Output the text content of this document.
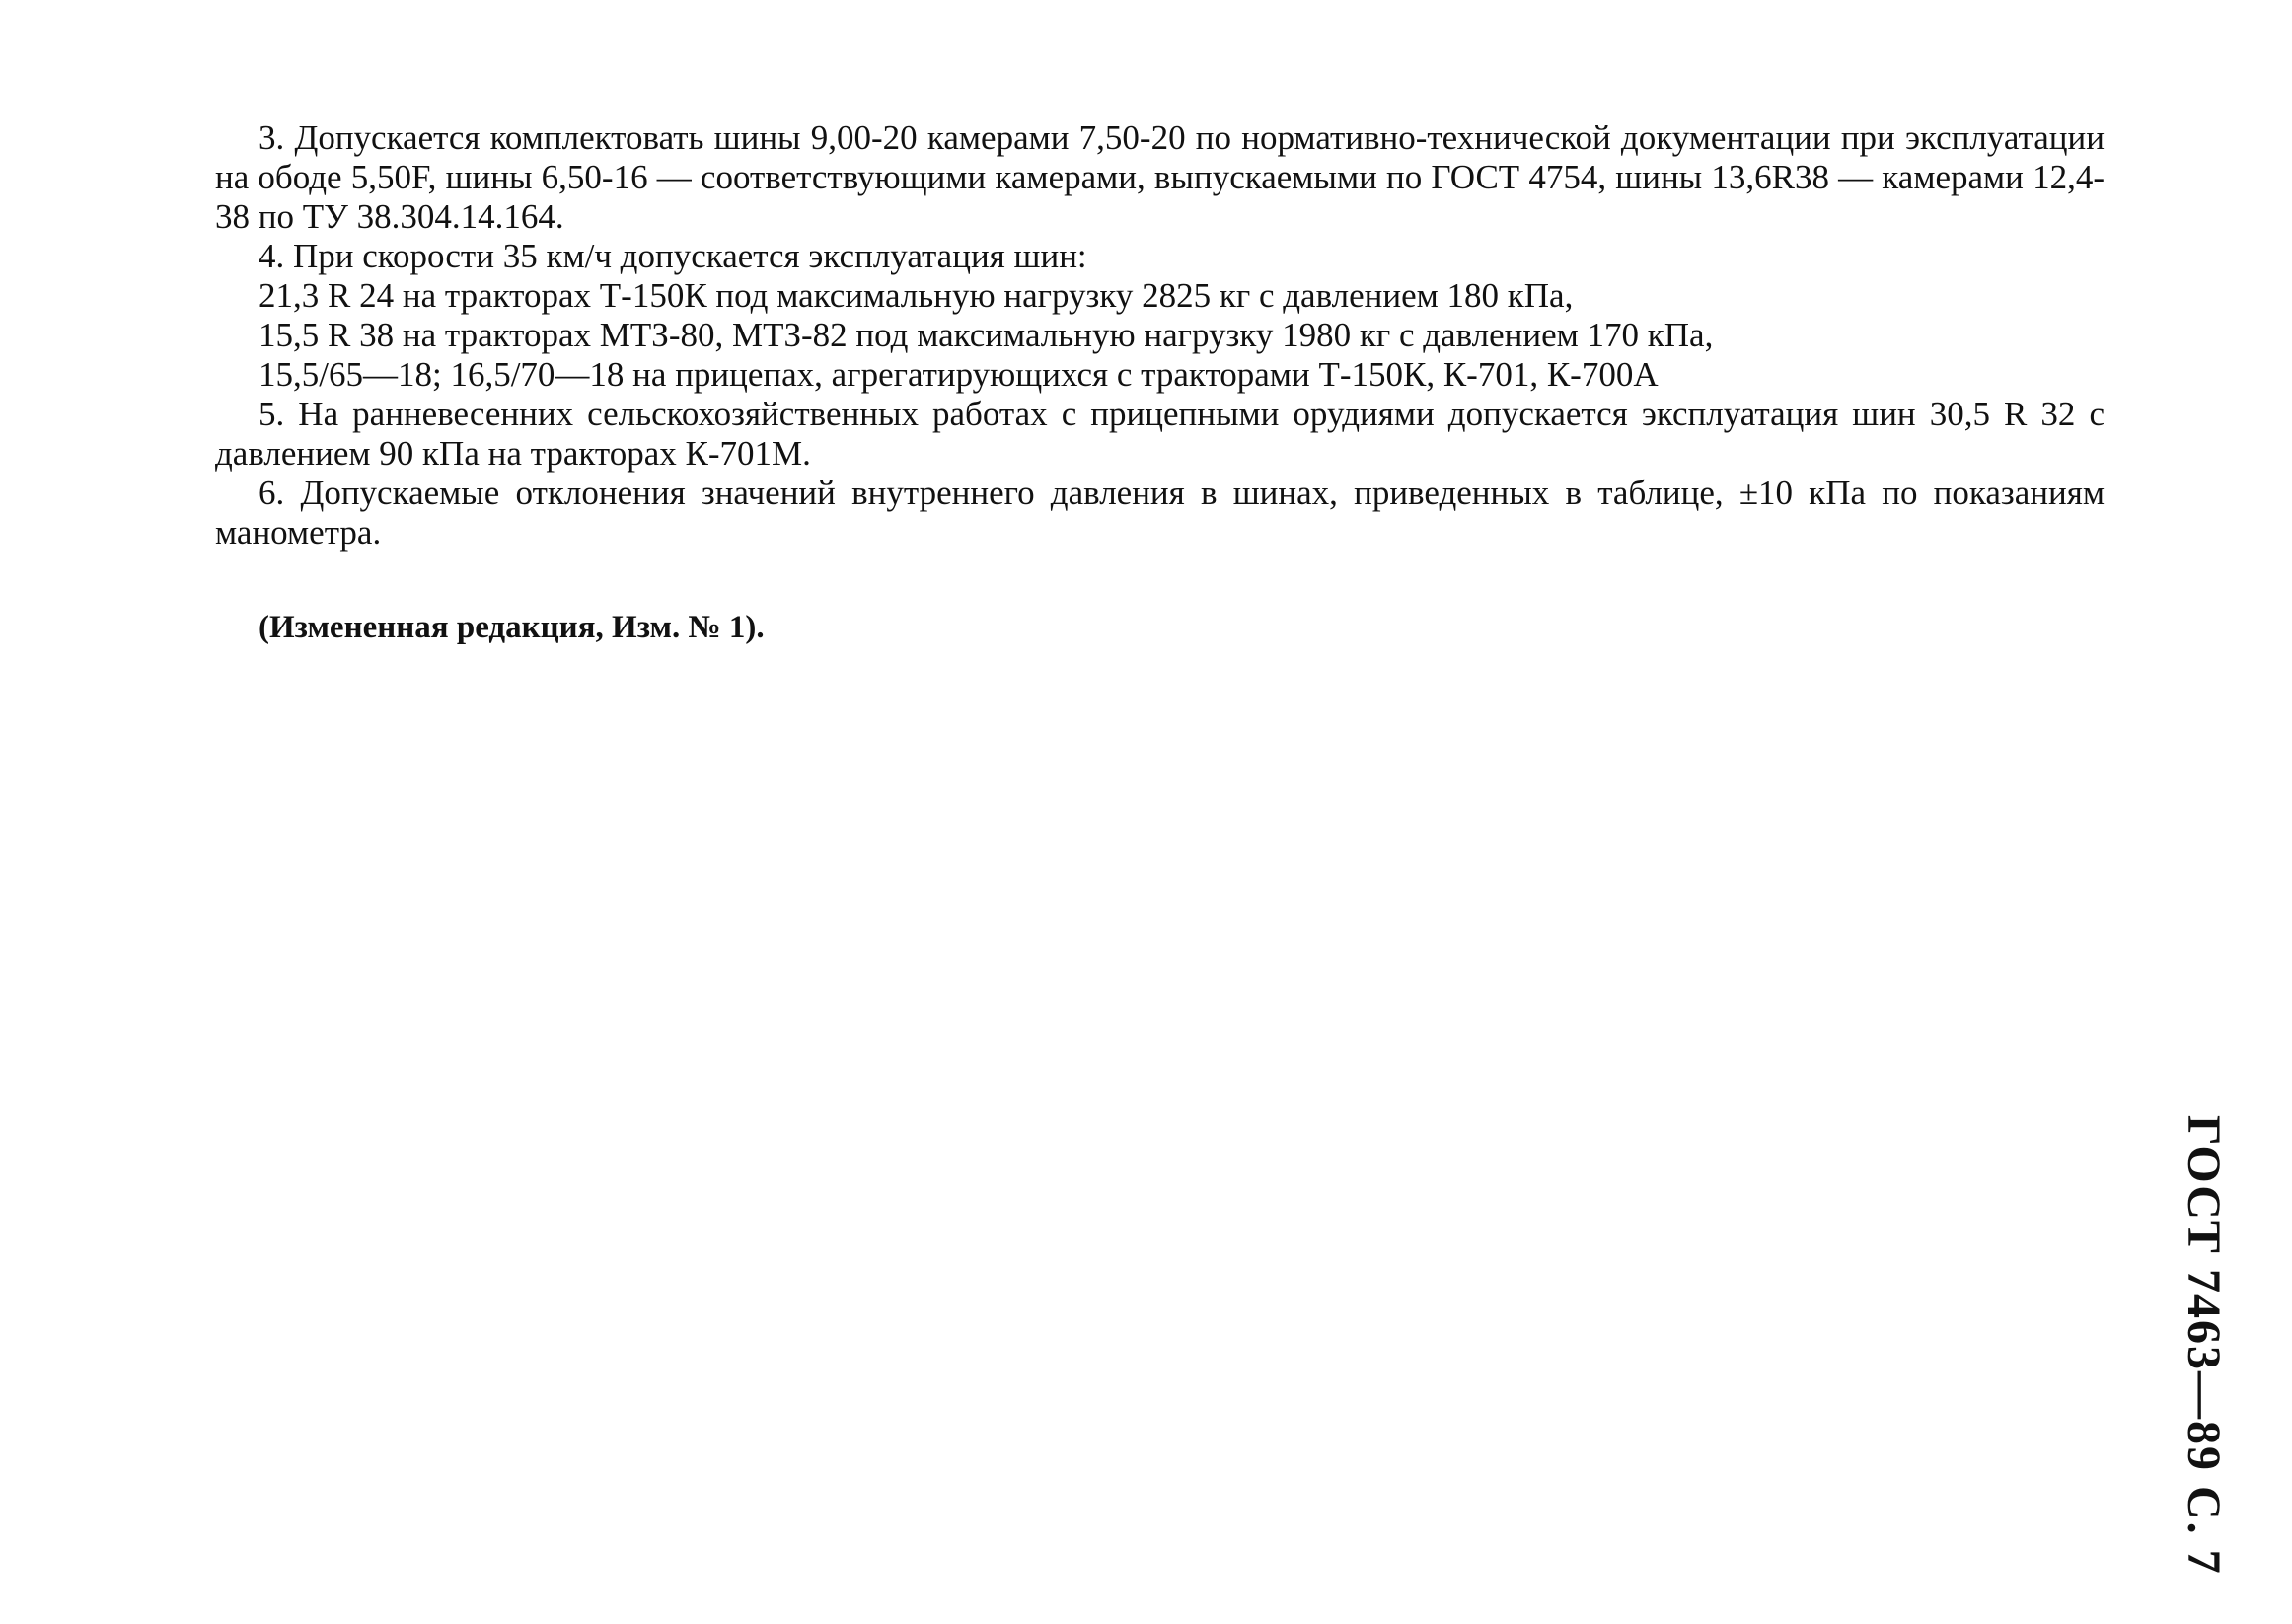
3. Допускается комплектовать шины 9,00-20 камерами 7,50-20 по нормативно-технической документации при эксплуатации на ободе 5,50F, шины 6,50-16 — соответствующими камерами, выпускаемыми по ГОСТ 4754, шины 13,6R38 — камерами 12,4-38 по ТУ 38.304.14.164.

4. При скорости 35 км/ч допускается эксплуатация шин:

21,3 R 24 на тракторах Т-150К под максимальную нагрузку 2825 кг с давлением 180 кПа,

15,5 R 38 на тракторах МТЗ-80, МТЗ-82 под максимальную нагрузку 1980 кг с давлением 170 кПа,

15,5/65—18; 16,5/70—18 на прицепах, агрегатирующихся с тракторами Т-150К, К-701, К-700А

5. На ранневесенних сельскохозяйственных работах с прицепными орудиями допускается эксплуатация шин 30,5 R 32 с давлением 90 кПа на тракторах К-701М.

6. Допускаемые отклонения значений внутреннего давления в шинах, приведенных в таблице, ±10 кПа по показаниям манометра.

(Измененная редакция, Изм. № 1).

ГОСТ 7463—89 С. 7
